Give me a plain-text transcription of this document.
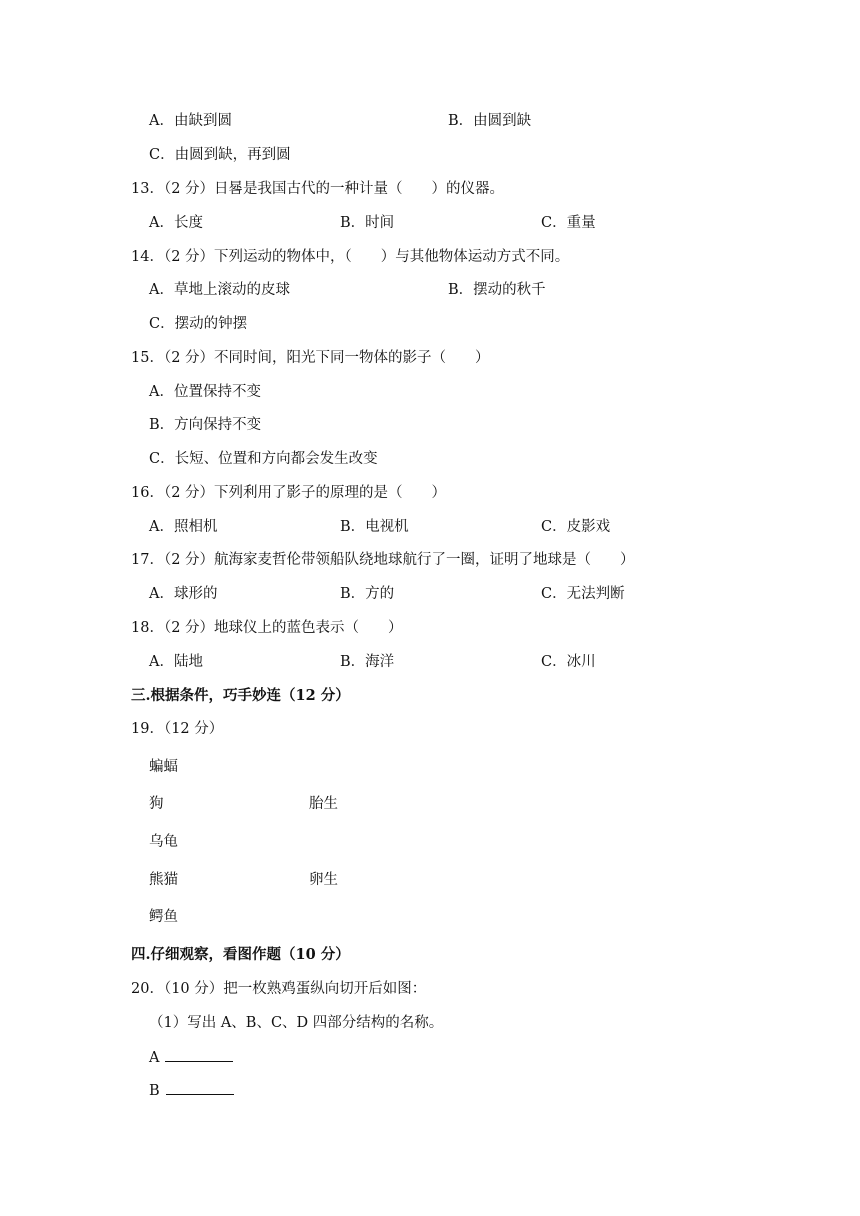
A．由缺到圆	B．由圆到缺
C．由圆到缺，再到圆
13．（2 分）日晷是我国古代的一种计量（　　）的仪器。
A．长度	B．时间	C．重量
14．（2 分）下列运动的物体中，（　　）与其他物体运动方式不同。
A．草地上滚动的皮球	B．摆动的秋千
C．摆动的钟摆
15．（2 分）不同时间，阳光下同一物体的影子（　　）
A．位置保持不变
B．方向保持不变
C．长短、位置和方向都会发生改变
16．（2 分）下列利用了影子的原理的是（　　）
A．照相机	B．电视机	C．皮影戏
17．（2 分）航海家麦哲伦带领船队绕地球航行了一圈，证明了地球是（　　）
A．球形的	B．方的	C．无法判断
18．（2 分）地球仪上的蓝色表示（　　）
A．陆地	B．海洋	C．冰川
三.根据条件，巧手妙连（12 分）
19．（12 分）
蝙蝠
狗	胎生
乌龟
熊猫	卵生
鳄鱼
四.仔细观察，看图作题（10 分）
20．（10 分）把一枚熟鸡蛋纵向切开后如图：
（1）写出 A、B、C、D 四部分结构的名称。
A
B
